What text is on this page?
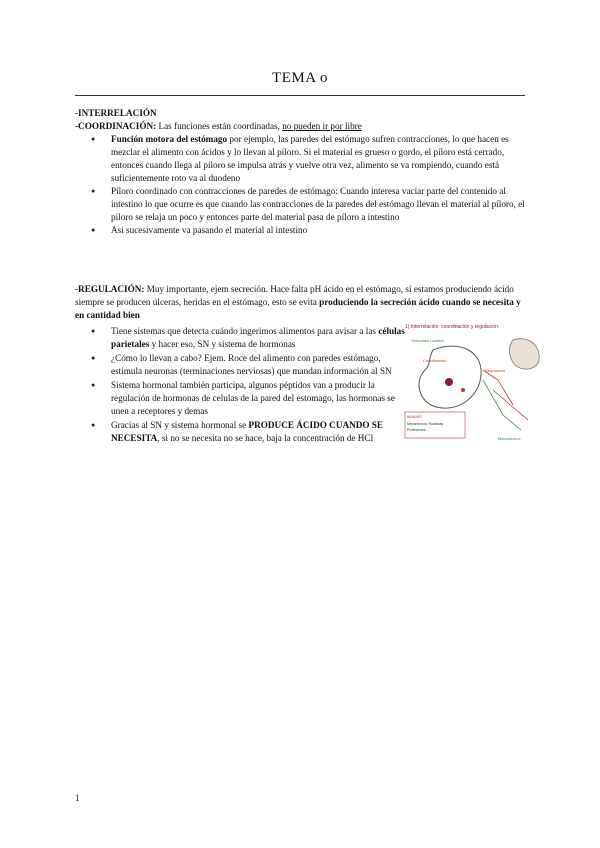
TEMA o
-INTERRELACIÓN
-COORDINACIÓN: Las funciones están coordinadas, no pueden ir por libre
● Función motora del estómago por ejemplo, las paredes del estómago sufren contracciones, lo que hacen es mezclar el alimento con ácidos y lo llevan al píloro. Si el material es grueso o gordo, el píloro está cerrado, entonces cuando llega al píloro se impulsa atrás y vuelve otra vez, alimento se va rompiendo, cuando está suficientemente roto va al duodeno
● Píloro coordinado con contracciones de paredes de estómago: Cuando interesa vaciar parte del contenido al intestino lo que ocurre es que cuando las contracciones de la paredes del estómago llevan el material al píloro, el píloro se relaja un poco y entonces parte del material pasa de píloro a intestino
● Así sucesivamente va pasando el material al intestino
-REGULACIÓN: Muy importante, ejem secreción. Hace falta pH ácido en el estómago, si estamos produciendo ácido siempre se producen úlceras, heridas en el estómago, esto se evita produciendo la secreción ácido cuando se necesita y en cantidad bien
● Tiene sistemas que detecta cuándo ingerimos alimentos para avisar a las células parietales y hacer eso, SN y sistema de hormonas
● ¿Cómo lo llevan a cabo? Ejem. Roce del alimento con paredes estómago, estimula neuronas (terminaciones nerviosas) que mandan información al SN
● Sistema hormonal también participa, algunos péptidos van a producir la regulación de hormonas de celulas de la pared del estomago, las hormonas se unen a receptores y demas
● Gracias al SN y sistema hormonal se PRODUCE ÁCIDO CUANDO SE NECESITA, si no se necesita no se hace, baja la concentración de HCl
1) Interrelación: coordinación y regulación:
Vesículas/ parietal
Coordinación
Regulación
MINIMO
Mecanismos/ Rotativas
Profesiones ...
Mecanismos
1
